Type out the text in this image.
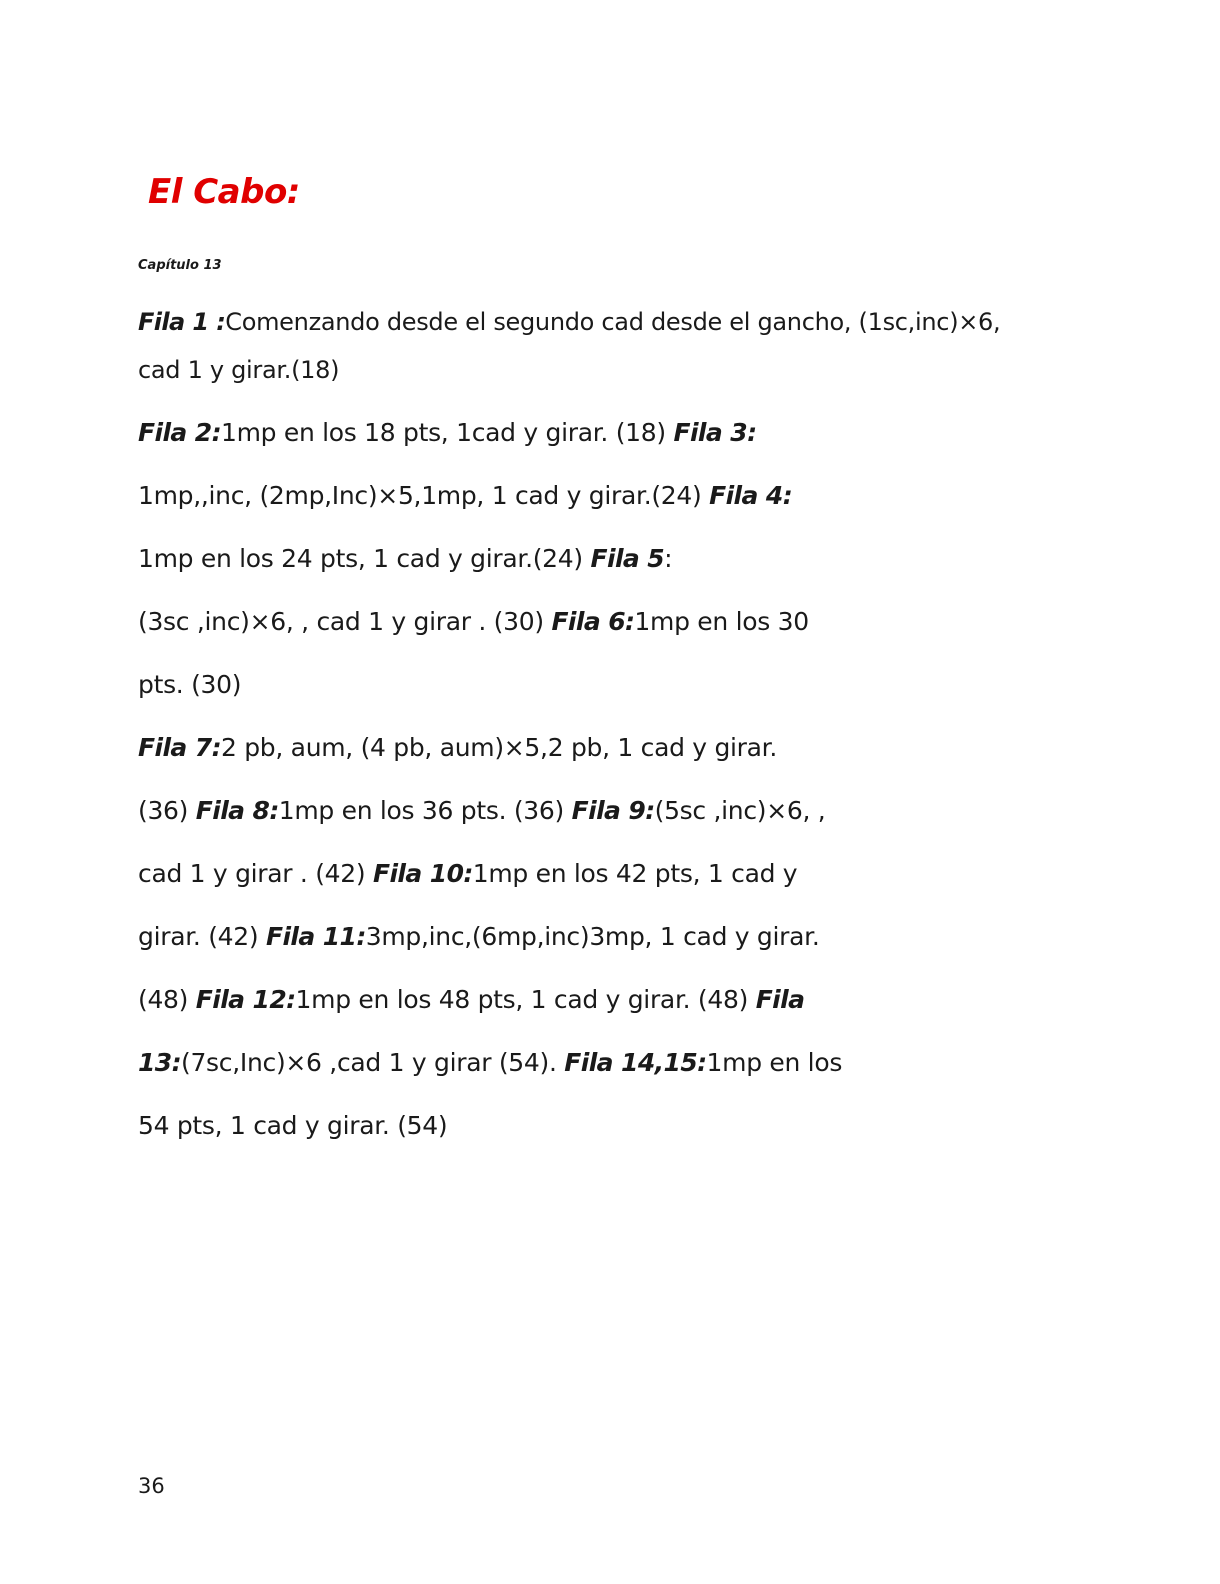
El Cabo:
Capítulo 13
Fila 1 :Comenzando desde el segundo cad desde el gancho, (1sc,inc)×6,
cad 1 y girar.(18)
Fila 2:1mp en los 18 pts, 1cad y girar. (18) Fila 3:
1mp,,inc, (2mp,Inc)×5,1mp, 1 cad y girar.(24) Fila 4:
1mp en los 24 pts, 1 cad y girar.(24) Fila 5:
(3sc ,inc)×6, , cad 1 y girar . (30) Fila 6:1mp en los 30
pts. (30)
Fila 7:2 pb, aum, (4 pb, aum)×5,2 pb, 1 cad y girar.
(36) Fila 8:1mp en los 36 pts. (36) Fila 9:(5sc ,inc)×6, ,
cad 1 y girar . (42) Fila 10:1mp en los 42 pts, 1 cad y
girar. (42) Fila 11:3mp,inc,(6mp,inc)3mp, 1 cad y girar.
(48) Fila 12:1mp en los 48 pts, 1 cad y girar. (48) Fila
13:(7sc,Inc)×6 ,cad 1 y girar (54). Fila 14,15:1mp en los
54 pts, 1 cad y girar. (54)
36
